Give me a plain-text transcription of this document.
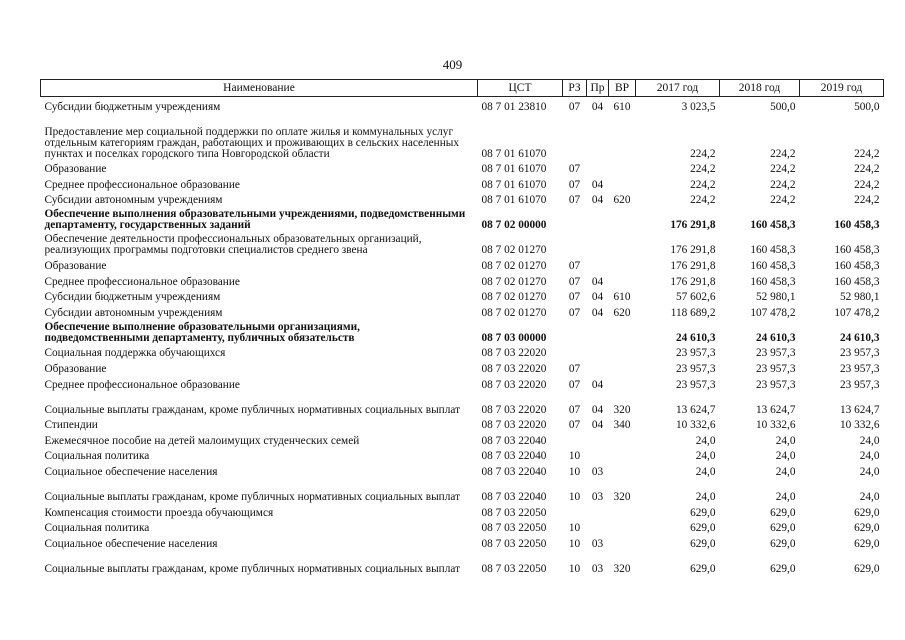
409
Наименование	ЦСТ	РЗ	Пр	ВР	2017 год	2018 год	2019 год
Субсидии бюджетным учреждениям	08 7 01 23810	07	04	610	3 023,5	500,0	500,0
Предоставление мер социальной поддержки по оплате жилья и коммунальных услуг отдельным категориям граждан, работающих и проживающих в сельских населенных пунктах и поселках городского типа Новгородской области	08 7 01 61070				224,2	224,2	224,2
Образование	08 7 01 61070	07			224,2	224,2	224,2
Среднее профессиональное образование	08 7 01 61070	07	04		224,2	224,2	224,2
Субсидии автономным учреждениям	08 7 01 61070	07	04	620	224,2	224,2	224,2
Обеспечение выполнения образовательными учреждениями, подведомственными департаменту, государственных заданий	08 7 02 00000				176 291,8	160 458,3	160 458,3
Обеспечение деятельности профессиональных образовательных организаций, реализующих программы подготовки специалистов среднего звена	08 7 02 01270				176 291,8	160 458,3	160 458,3
Образование	08 7 02 01270	07			176 291,8	160 458,3	160 458,3
Среднее профессиональное образование	08 7 02 01270	07	04		176 291,8	160 458,3	160 458,3
Субсидии бюджетным учреждениям	08 7 02 01270	07	04	610	57 602,6	52 980,1	52 980,1
Субсидии автономным учреждениям	08 7 02 01270	07	04	620	118 689,2	107 478,2	107 478,2
Обеспечение выполнение образовательными организациями, подведомственными департаменту, публичных обязательств	08 7 03 00000				24 610,3	24 610,3	24 610,3
Социальная поддержка обучающихся	08 7 03 22020				23 957,3	23 957,3	23 957,3
Образование	08 7 03 22020	07			23 957,3	23 957,3	23 957,3
Среднее профессиональное образование	08 7 03 22020	07	04		23 957,3	23 957,3	23 957,3
Социальные выплаты гражданам, кроме публичных нормативных социальных выплат	08 7 03 22020	07	04	320	13 624,7	13 624,7	13 624,7
Стипендии	08 7 03 22020	07	04	340	10 332,6	10 332,6	10 332,6
Ежемесячное пособие на детей малоимущих студенческих семей	08 7 03 22040				24,0	24,0	24,0
Социальная политика	08 7 03 22040	10			24,0	24,0	24,0
Социальное обеспечение населения	08 7 03 22040	10	03		24,0	24,0	24,0
Социальные выплаты гражданам, кроме публичных нормативных социальных выплат	08 7 03 22040	10	03	320	24,0	24,0	24,0
Компенсация стоимости проезда обучающимся	08 7 03 22050				629,0	629,0	629,0
Социальная политика	08 7 03 22050	10			629,0	629,0	629,0
Социальное обеспечение населения	08 7 03 22050	10	03		629,0	629,0	629,0
Социальные выплаты гражданам, кроме публичных нормативных социальных выплат	08 7 03 22050	10	03	320	629,0	629,0	629,0
